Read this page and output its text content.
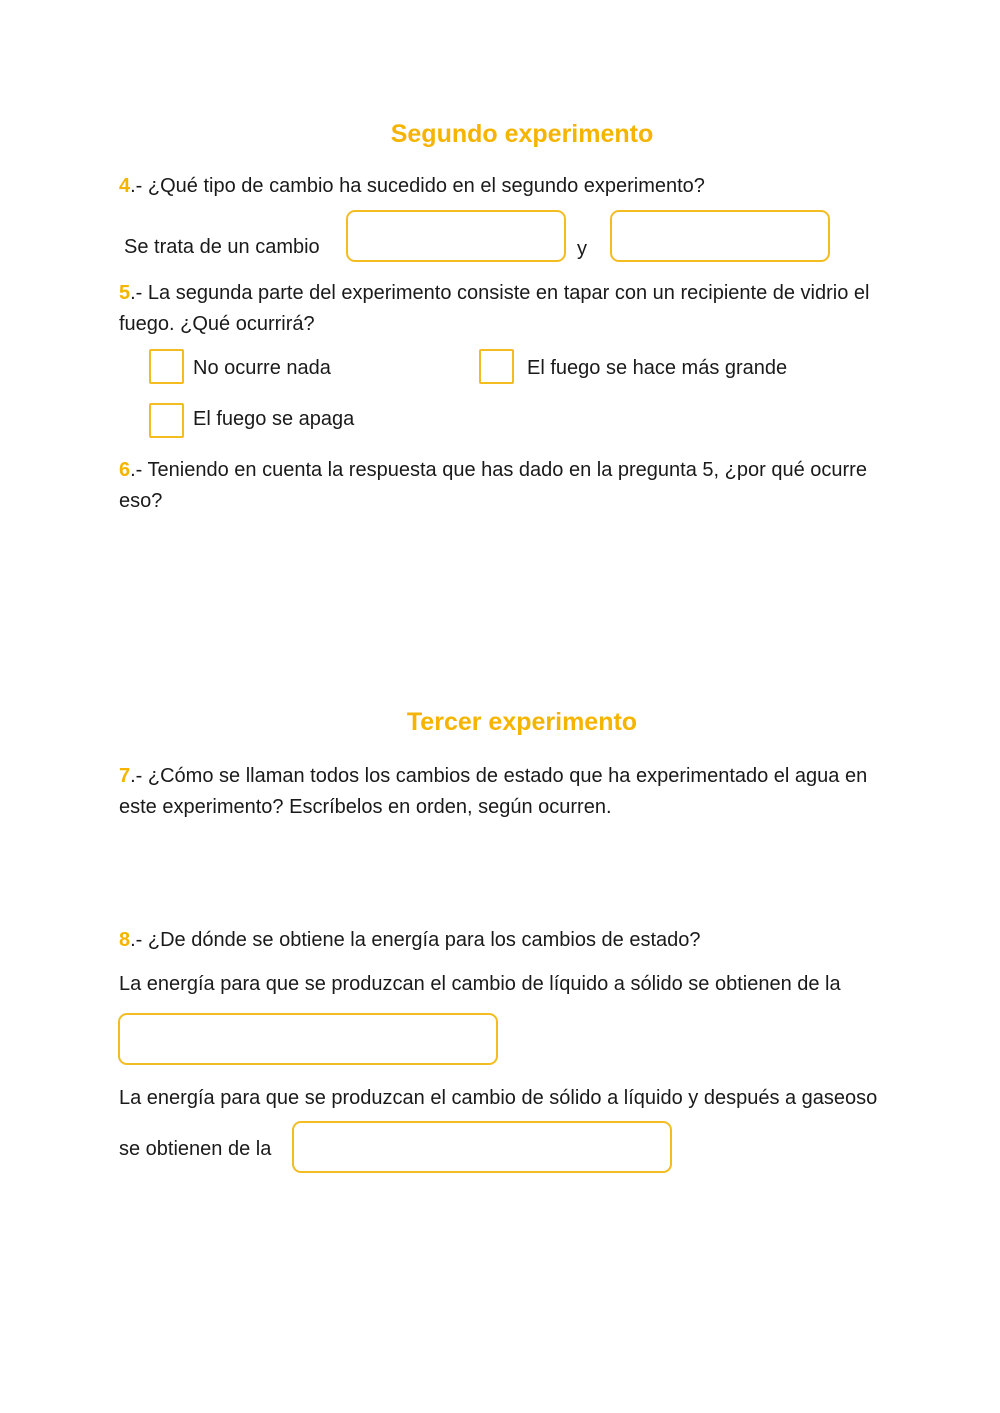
Segundo experimento
4.- ¿Qué tipo de cambio ha sucedido en el segundo experimento?
Se trata de un cambio	y
5.- La segunda parte del experimento consiste en tapar con un recipiente de vidrio el
fuego. ¿Qué ocurrirá?
No ocurre nada	El fuego se hace más grande
El fuego se apaga
6.- Teniendo en cuenta la respuesta que has dado en la pregunta 5, ¿por qué ocurre
eso?
Tercer experimento
7.- ¿Cómo se llaman todos los cambios de estado que ha experimentado el agua en
este experimento? Escríbelos en orden, según ocurren.
8.- ¿De dónde se obtiene la energía para los cambios de estado?
La energía para que se produzcan el cambio de líquido a sólido se obtienen de la
La energía para que se produzcan el cambio de sólido a líquido y después a gaseoso
se obtienen de la
